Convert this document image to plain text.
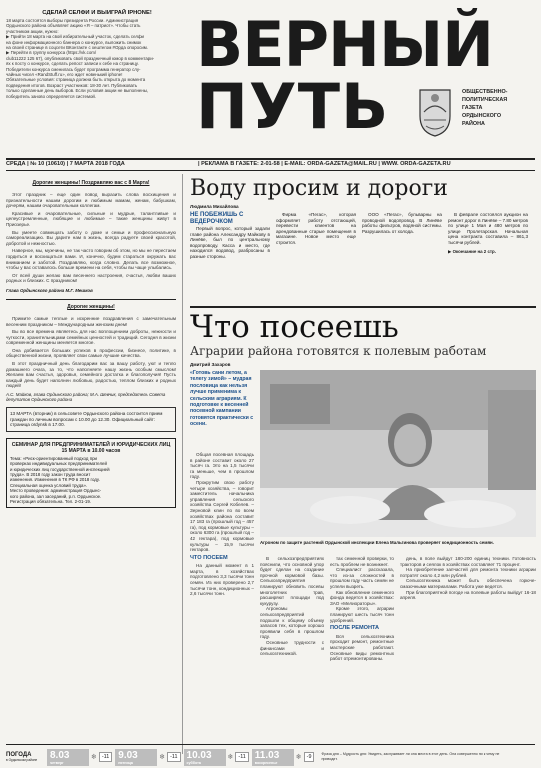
СДЕЛАЙ СЕЛФИ И ВЫИГРАЙ IPHONE!
18 марта состоятся выборы президента России. Администрация
Ордынского района объявляет акцию «Я – патриот». Чтобы стать
участником акции, нужно:
▶ Прийти 18 марта на свой избирательный участок, сделать селфи
на фоне информационного баннера о конкурсе, выложить снимок
на своей странице в соцсети ВКонтакте с хештегом #Орда опоросим.
▶ Перейти в группу конкурса (https://vk.com/
club11222 125 67), опубликовать свой праздничный юмор в комментари-
ях к посту о конкурсе, сделать репост записи к себе на страницу.
Победители конкурса сменилась будет программа генератор слу-
чайных чисел «RandStuff.ru», его ждет новенький iphone!
Обязательные условия: страница должна быть открыта до момента
подведения итогов. Возраст участников: 18-30 лет. Публиковать
только сделанные день выборов. Если условия акции не выполнены,
победитель заново определяется системой.
ВЕРНЫЙ
ПУТЬ	ОБЩЕСТВЕННО-
ПОЛИТИЧЕСКАЯ
ГАЗЕТА
ОРДЫНСКОГО
РАЙОНА
СРЕДА | № 10 (10610) | 7 МАРТА 2018 ГОДА	| РЕКЛАМА В ГАЗЕТЕ: 2-01-58 | E-MAIL: ORDA-GAZETA@MAIL.RU | WWW. ORDA-GAZETA.RU
Дорогие женщины! Поздравляю вас с 8 Марта!

Этот праздник – еще один повод выразить слова восхищения и признательности нашим дорогим и любимым мамам, женам, бабушкам, дочерям, нашим очаровательным коллегам.

Красивые и очаровательные, сильные и мудрые, талантливые и целеустремленные, любящие и любимые – такие женщины живут в Приозерье.

Вы умеете совмещать заботу о доме и семьи и профессиональную самореализацию. Вы дарите нам в жизнь, всегда радуете своей красотой, добротой и нежностью.

Наверное, мы, мужчины, не так часто говорим об этом, но мы не перестаем гордиться и восхищаться вами. И, конечно, будем стараться окружать вас вниманием и заботой. Поздравляю, когда словно. Делать все возможное, чтобы у вас оставалось больше времени на себя, чтобы вы чаще улыбались.

От всей души желаю вам весеннего настроения, счастья, любви ваших родных и близких. С праздником!

Глава Ордынского района М.Г. Мешков
Дорогие женщины!

Примите самые теплые и искренние поздравления с замечательным весенним праздником – Международным женским днем!

Вы во все времена являетесь для нас воплощением доброты, нежности и чуткости, хранительницами семейных ценностей и традиций. Сегодня в жизни современной женщины меняется многое.

Она добивается больших успехов в профессии, бизнесе, политике, в общественной жизни, проявляет свои самые лучшие качества.

В этот праздничный день благодарим вас за вашу работу, уют и тепло домашнего очага, за то, что наполняете нашу жизнь особым смыслом! Желаем вам счастья, здоровья, семейного достатка и благополучия! Пусть каждый день будет наполнен любовью, радостью, теплом близких и родных людей!

А.С. Майков, глава Ордынского района; М.А. Шевчик, председатель Совета депутатов Ордынского района
13 МАРТА (вторник) в сельсовете Ордынского района состоится прием граждан по личным вопросам с 10.00 до 12.30. Официальный сайт: страница ordynsk в 17.00.
СЕМИНАР ДЛЯ ПРЕДПРИНИМАТЕЛЕЙ И ЮРИДИЧЕСКИХ ЛИЦ
15 МАРТА в 10.00 часов
Тема: «Риск-ориентированный подход при
проверках индивидуальных предпринимателей
и юридических лиц государственной инспекцией
труда». В 2018 году закон труда вносит
изменения. Изменения в ТК РФ в 2018 году.
Специальная оценка условий труда».
Место проведения: администрация Ордынс-
кого района, зал заседаний, р.п. Ордынское.
Регистрация обязательна. Тел. 2-01-19.
Воду просим и дороги
Людмила Михайлова
НЕ ПОБЕЖИШЬ С ВЕДЕРОЧКОМ

Первый вопрос, который задали главе района Александру Майкову в Линёве, был по центральному водопроводу. Касса и место, где находился водовод, разбросаны в разные стороны.

Фирма «Пегас», которая оформляет работу отстающей, перевести клиентов на арендованные старые помещения в магазине. Новое место еще строится.

ООО «Пегас», бульварны на проводной водопровод. В Линёве работы фильтров, водяной системы. Разрушилась от холода.

В феврале состоялся аукцион на ремонт дорог в Линёве – 7.80 метров по улице 1 Мая и 480 метров по улице Пролетарская. Начальная цена контракта составила – 861,3 тысячи рублей.

▶ Окончание на 2 стр.
Что посеешь
Аграрии района готовятся к полевым работам
Дмитрий Захаров
«Готовь сани летом, а телегу зимой» – мудрая пословица как нельзя лучше применима к сельским аграриям. К подготовке к весенней посевной кампании готовятся практически с осени.
Агроном по защите растений Ордынской инспекции Елена Мальгинова проверяет кондиционность семян.

Общая посевная площадь в районе составит около 27 тысяч га. Это на 1,5 тысячи га меньше, чем в прошлом году.

Прокрутим свою работу четыре хозяйства, – говорит заместитель начальника управления сельского хозяйства Сергей Кобелев. – Зерновой клин по во всем хозяйствах района составит 17 183 га (прошлый год – 457 га), под кормовые культуры – около 6300 га (прошлый год – 42 гектара), под кормовые культуры – 15,9 тысячи гектаров.

ЧТО ПОСЕЕМ

На данный момент в 1 марта, в хозяйствах подготовлено 3,3 тысячи тонн семян. Из них проверено 2,7 тысячи тонн, кондиционных – 2,6 тысячи тонн.

В сельхозпредприятиях пояснили, что основной упор будет сделан на создание прочной кормовой базы. Сельхозпредприятия планируют обновить посевы многолетних трав, расширяют площади под кукурузу.

Агрономы сельхозпредприятий подошли к общему объему запасов тех, которые хорошо проявили себя в прошлом году.

Основные трудности с финансами и сельхозтехникой.

тах семенной проверки, то есть проблем не возникнет.

Специалист рассказала, что из-за сложностей в прошлом году часть семян не успели вызреть.

Как обновление семенного фонда ведется в хозяйствах: ЗАО «Мелиораторы».

Кроме этого, аграрии планируют шесть тысяч тонн удобрений.

ПОСЛЕ РЕМОНТА

Вся сельхозтехника проходит ремонт, ремонтные мастерские работают. Основные виды ремонтных работ отремонтированы.

день, в поле выйдут 180-200 единиц техники. Готовность тракторов и сеялок в хозяйствах составляет 71 процент.

На приобретение запчастей для ремонта техники аграрии потратят около 4,2 млн рублей.

Сельхозтехника может быть обеспечена горюче-смазочными материалами. Работа уже ведется.

При благоприятной погоде на полевые работы выйдут 16-18 апреля.

ПОГОДА
в Ордынском районе	8.03
четверг
❄ -11 9.03
пятница
❄ -11 10.03
суббота
❄ -11 11.03
воскресенье
❄ -9	Фраза дня – Мудрость дня: Увидеть, заслуживает ли она места в этот день. Она совершенно ни к чему не приводит.
